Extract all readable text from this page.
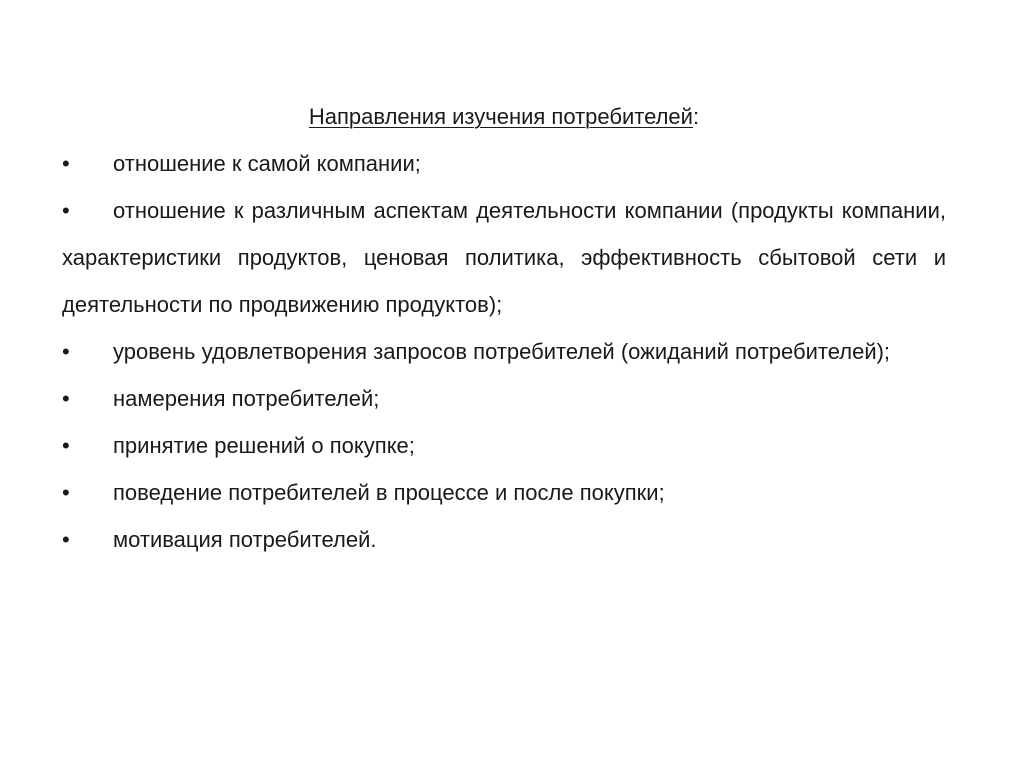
Направления изучения потребителей:

• отношение к самой компании;
• отношение к различным аспектам деятельности компании (продукты компании, характеристики продуктов, ценовая политика, эффективность сбытовой сети и деятельности по продвижению продуктов);
• уровень удовлетворения запросов потребителей (ожиданий потребителей);
• намерения потребителей;
• принятие решений о покупке;
• поведение потребителей в процессе и после покупки;
• мотивация потребителей.
